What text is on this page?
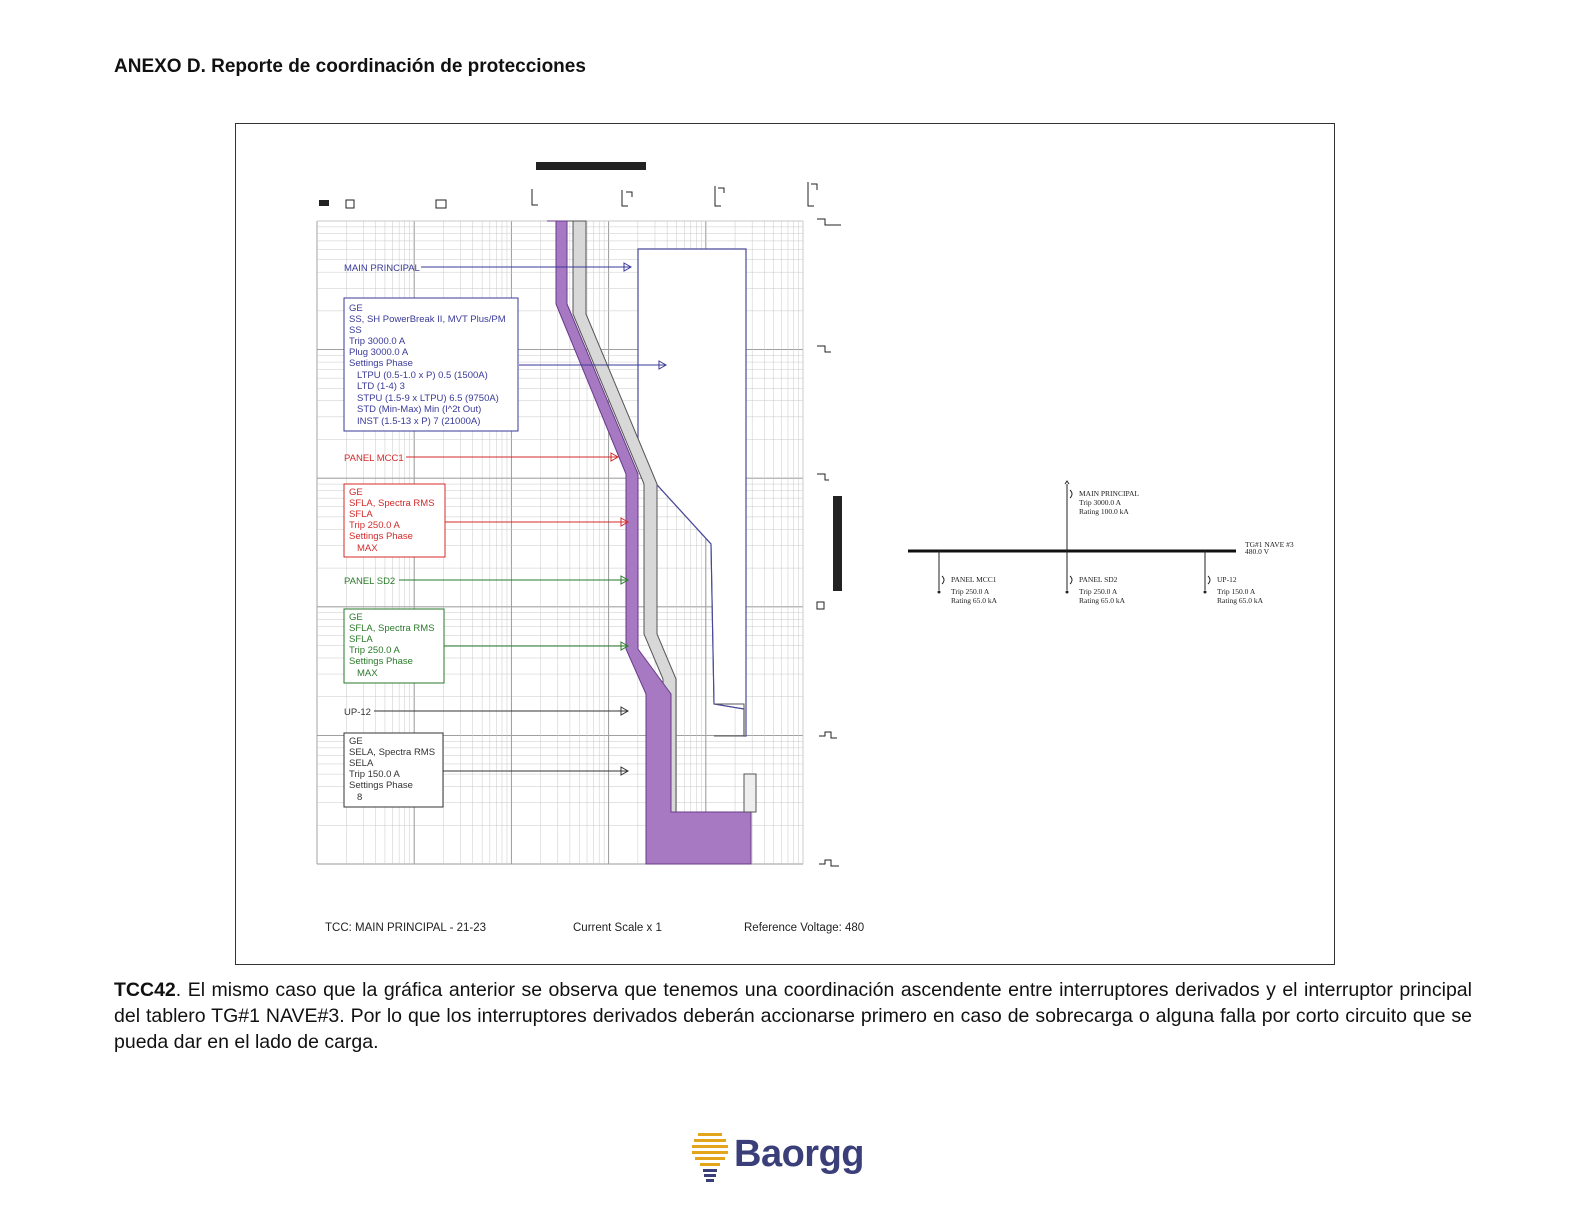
ANEXO D. Reporte de coordinación de protecciones
MAIN PRINCIPAL
GE
SS, SH PowerBreak II, MVT Plus/PM
SS
Trip 3000.0 A
Plug 3000.0 A
Settings Phase
LTPU (0.5-1.0 x P) 0.5 (1500A)
LTD (1-4) 3
STPU (1.5-9 x LTPU) 6.5 (9750A)
STD (Min-Max) Min (I^2t Out)
INST (1.5-13 x P) 7 (21000A)
PANEL MCC1
GE
SFLA, Spectra RMS
SFLA
Trip 250.0 A
Settings Phase
MAX
PANEL SD2
GE
SFLA, Spectra RMS
SFLA
Trip 250.0 A
Settings Phase
MAX
UP-12
GE
SELA, Spectra RMS
SELA
Trip 150.0 A
Settings Phase
8
TG#1 NAVE #3
480.0 V
MAIN PRINCIPAL
Trip 3000.0 A
Rating 100.0 kA
PANEL MCC1
Trip 250.0 A
Rating 65.0 kA
PANEL SD2
Trip 250.0 A
Rating 65.0 kA
UP-12
Trip 150.0 A
Rating 65.0 kA
TCC: MAIN PRINCIPAL - 21-23	Current Scale x 1	Reference Voltage: 480
TCC42. El mismo caso que la gráfica anterior se observa que tenemos una coordinación ascendente entre interruptores derivados y el interruptor principal del tablero TG#1 NAVE#3. Por lo que los interruptores derivados deberán accionarse primero en caso de sobrecarga o alguna falla por corto circuito que se pueda dar en el lado de carga.
Baorgg
